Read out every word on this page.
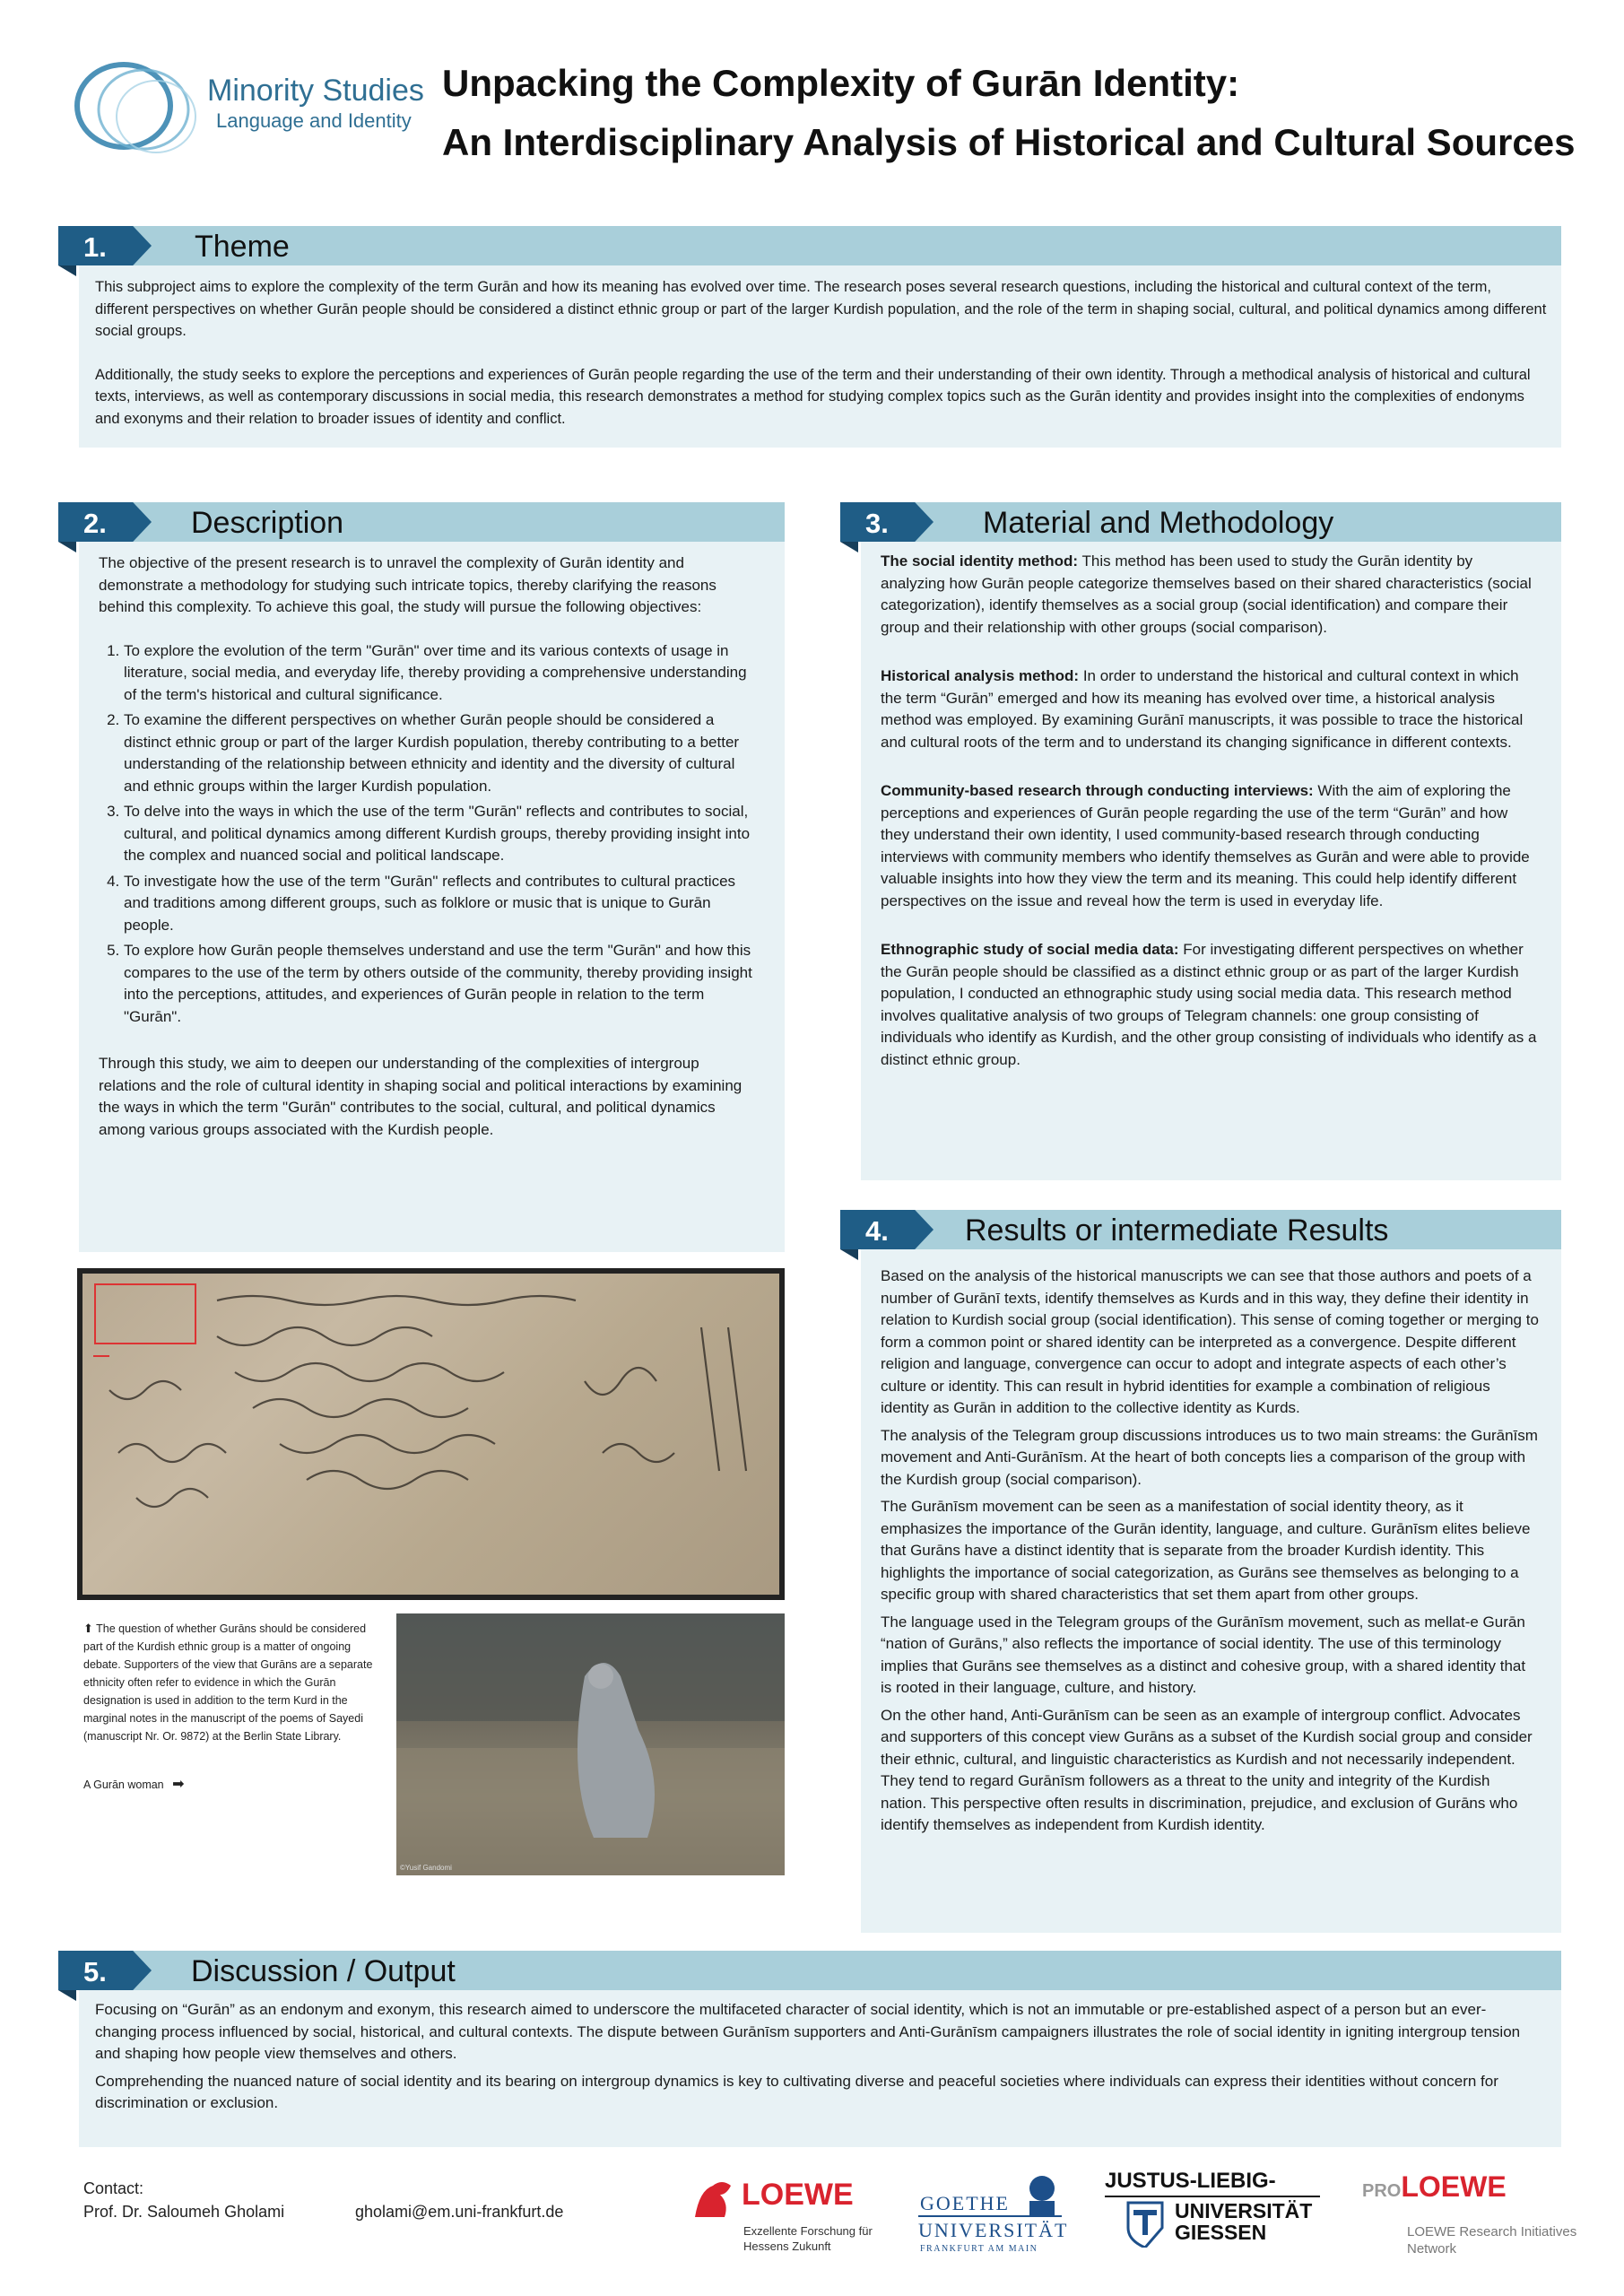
Minority Studies
Language and Identity
Unpacking the Complexity of Gurān Identity:
An Interdisciplinary Analysis of Historical and Cultural Sources
1.	Theme

This subproject aims to explore the complexity of the term Gurān and how its meaning has evolved over time. The research poses several research questions, including the historical and cultural context of the term, different perspectives on whether Gurān people should be considered a distinct ethnic group or part of the larger Kurdish population, and the role of the term in shaping social, cultural, and political dynamics among different social groups.

Additionally, the study seeks to explore the perceptions and experiences of Gurān people regarding the use of the term and their understanding of their own identity. Through a methodical analysis of historical and cultural texts, interviews, as well as contemporary discussions in social media, this research demonstrates a method for studying complex topics such as the Gurān identity and provides insight into the complexities of endonyms and exonyms and their relation to broader issues of identity and conflict.

2.	Description

The objective of the present research is to unravel the complexity of Gurān identity and demonstrate a methodology for studying such intricate topics, thereby clarifying the reasons behind this complexity. To achieve this goal, the study will pursue the following objectives:

1. To explore the evolution of the term "Gurān" over time and its various contexts of usage in literature, social media, and everyday life, thereby providing a comprehensive understanding of the term's historical and cultural significance.
2. To examine the different perspectives on whether Gurān people should be considered a distinct ethnic group or part of the larger Kurdish population, thereby contributing to a better understanding of the relationship between ethnicity and identity and the diversity of cultural and ethnic groups within the larger Kurdish population.
3. To delve into the ways in which the use of the term "Gurān" reflects and contributes to social, cultural, and political dynamics among different Kurdish groups, thereby providing insight into the complex and nuanced social and political landscape.
4. To investigate how the use of the term "Gurān" reflects and contributes to cultural practices and traditions among different groups, such as folklore or music that is unique to Gurān people.
5. To explore how Gurān people themselves understand and use the term "Gurān" and how this compares to the use of the term by others outside of the community, thereby providing insight into the perceptions, attitudes, and experiences of Gurān people in relation to the term "Gurān".

Through this study, we aim to deepen our understanding of the complexities of intergroup relations and the role of cultural identity in shaping social and political interactions by examining the ways in which the term "Gurān" contributes to the social, cultural, and political dynamics among various groups associated with the Kurdish people.

⬆ The question of whether Gurāns should be considered part of the Kurdish ethnic group is a matter of ongoing debate. Supporters of the view that Gurāns are a separate ethnicity often refer to evidence in which the Gurān designation is used in addition to the term Kurd in the marginal notes in the manuscript of the poems of Sayedi (manuscript Nr. Or. 9872) at the Berlin State Library.
A Gurān woman ➡
©Yusif Gandomi
3.	Material and Methodology

The social identity method: This method has been used to study the Gurān identity by analyzing how Gurān people categorize themselves based on their shared characteristics (social categorization), identify themselves as a social group (social identification) and compare their group and their relationship with other groups (social comparison).

Historical analysis method: In order to understand the historical and cultural context in which the term “Gurān” emerged and how its meaning has evolved over time, a historical analysis method was employed. By examining Gurānī manuscripts, it was possible to trace the historical and cultural roots of the term and to understand its changing significance in different contexts.

Community-based research through conducting interviews: With the aim of exploring the perceptions and experiences of Gurān people regarding the use of the term “Gurān” and how they understand their own identity, I used community-based research through conducting interviews with community members who identify themselves as Gurān and were able to provide valuable insights into how they view the term and its meaning. This could help identify different perspectives on the issue and reveal how the term is used in everyday life.

Ethnographic study of social media data: For investigating different perspectives on whether the Gurān people should be classified as a distinct ethnic group or as part of the larger Kurdish population, I conducted an ethnographic study using social media data. This research method involves qualitative analysis of two groups of Telegram channels: one group consisting of individuals who identify as Kurdish, and the other group consisting of individuals who identify as a distinct ethnic group.

4.	Results or intermediate Results

Based on the analysis of the historical manuscripts we can see that those authors and poets of a number of Gurānī texts, identify themselves as Kurds and in this way, they define their identity in relation to Kurdish social group (social identification). This sense of coming together or merging to form a common point or shared identity can be interpreted as a convergence. Despite different religion and language, convergence can occur to adopt and integrate aspects of each other’s culture or identity. This can result in hybrid identities for example a combination of religious identity as Gurān in addition to the collective identity as Kurds.

The analysis of the Telegram group discussions introduces us to two main streams: the Gurānīsm movement and Anti-Gurānīsm. At the heart of both concepts lies a comparison of the group with the Kurdish group (social comparison).

The Gurānīsm movement can be seen as a manifestation of social identity theory, as it emphasizes the importance of the Gurān identity, language, and culture. Gurānīsm elites believe that Gurāns have a distinct identity that is separate from the broader Kurdish identity. This highlights the importance of social categorization, as Gurāns see themselves as belonging to a specific group with shared characteristics that set them apart from other groups.

The language used in the Telegram groups of the Gurānīsm movement, such as mellat-e Gurān “nation of Gurāns,” also reflects the importance of social identity. The use of this terminology implies that Gurāns see themselves as a distinct and cohesive group, with a shared identity that is rooted in their language, culture, and history.

On the other hand, Anti-Gurānīsm can be seen as an example of intergroup conflict. Advocates and supporters of this concept view Gurāns as a subset of the Kurdish social group and consider their ethnic, cultural, and linguistic characteristics as Kurdish and not necessarily independent. They tend to regard Gurānīsm followers as a threat to the unity and integrity of the Kurdish nation. This perspective often results in discrimination, prejudice, and exclusion of Gurāns who identify themselves as independent from Kurdish identity.

5.	Discussion / Output

Focusing on “Gurān” as an endonym and exonym, this research aimed to underscore the multifaceted character of social identity, which is not an immutable or pre-established aspect of a person but an ever-changing process influenced by social, historical, and cultural contexts. The dispute between Gurānīsm supporters and Anti-Gurānīsm campaigners illustrates the role of social identity in igniting intergroup tension and shaping how people view themselves and others.

Comprehending the nuanced nature of social identity and its bearing on intergroup dynamics is key to cultivating diverse and peaceful societies where individuals can express their identities without concern for discrimination or exclusion.

Contact:
Prof. Dr. Saloumeh Gholami	gholami@em.uni-frankfurt.de	LOEWE
Exzellente Forschung für
Hessens Zukunft
GOETHE
UNIVERSITÄT
FRANKFURT AM MAIN
JUSTUS-LIEBIG-
UNIVERSITÄT
GIESSEN
PROLOEWE
LOEWE Research Initiatives
Network
